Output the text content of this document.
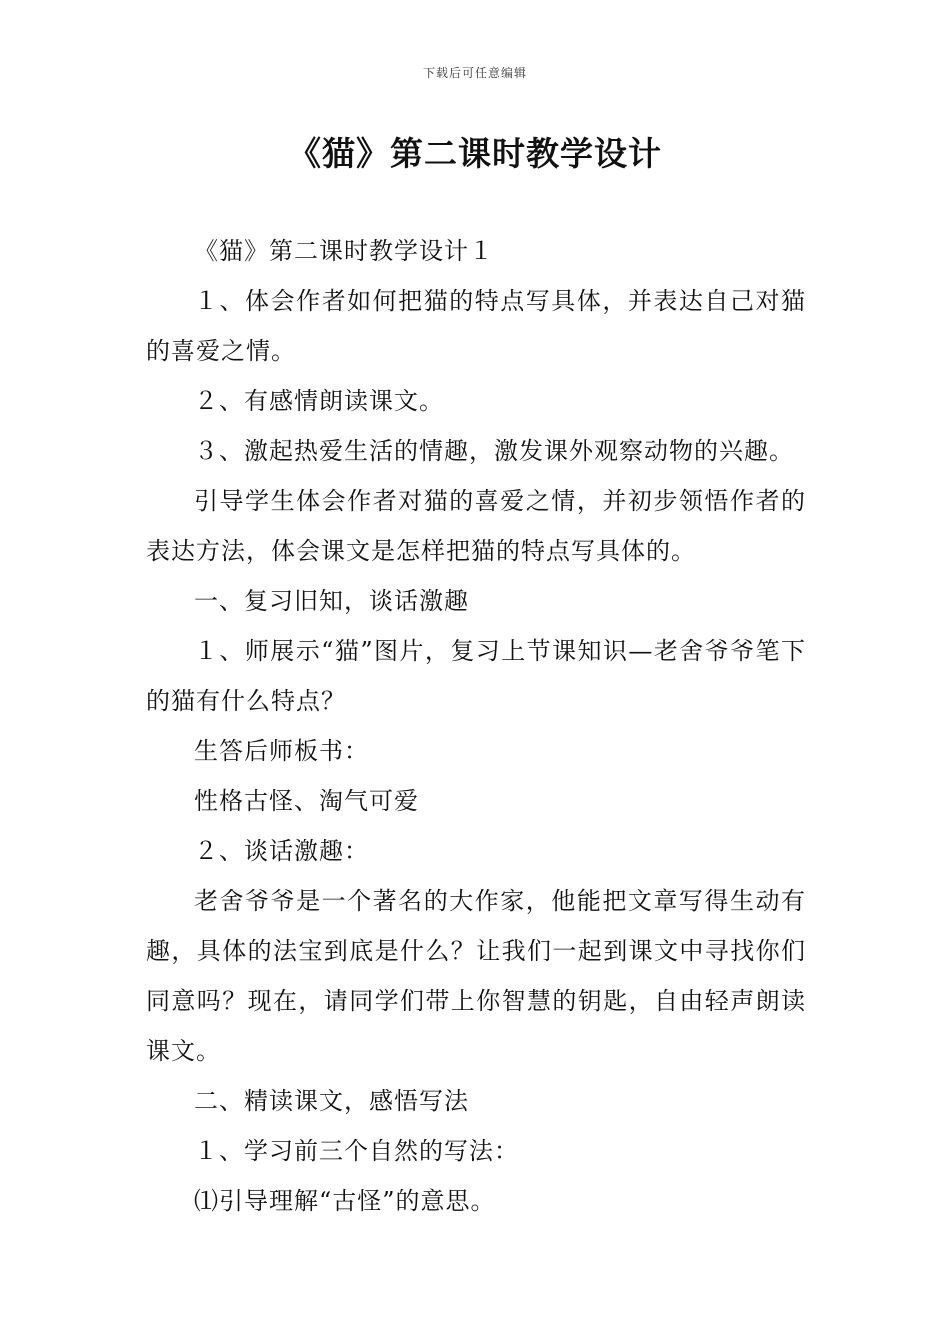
下载后可任意编辑
《猫》第二课时教学设计

《猫》第二课时教学设计１

１、体会作者如何把猫的特点写具体，并表达自己对猫的喜爱之情。

２、有感情朗读课文。

３、激起热爱生活的情趣，激发课外观察动物的兴趣。

引导学生体会作者对猫的喜爱之情，并初步领悟作者的表达方法，体会课文是怎样把猫的特点写具体的。

一、复习旧知，谈话激趣

１、师展示“猫”图片，复习上节课知识—老舍爷爷笔下的猫有什么特点？

生答后师板书：

性格古怪、淘气可爱

２、谈话激趣：

老舍爷爷是一个著名的大作家，他能把文章写得生动有趣，具体的法宝到底是什么？让我们一起到课文中寻找你们同意吗？现在，请同学们带上你智慧的钥匙，自由轻声朗读课文。

二、精读课文，感悟写法

１、学习前三个自然的写法：

⑴引导理解“古怪”的意思。
